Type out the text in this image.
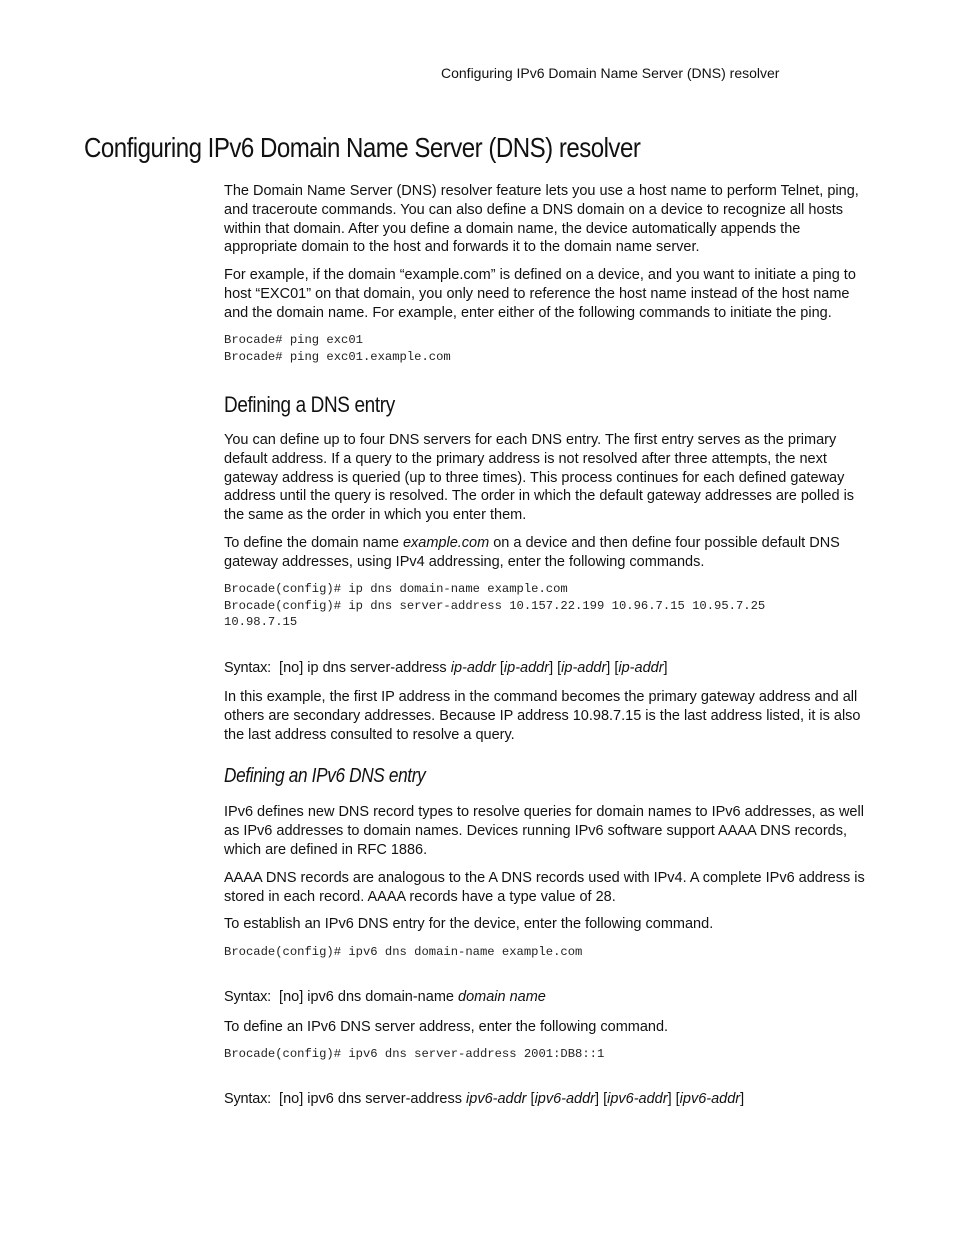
Configuring IPv6 Domain Name Server (DNS) resolver
Configuring IPv6 Domain Name Server (DNS) resolver

The Domain Name Server (DNS) resolver feature lets you use a host name to perform Telnet, ping,
and traceroute commands. You can also define a DNS domain on a device to recognize all hosts
within that domain. After you define a domain name, the device automatically appends the
appropriate domain to the host and forwards it to the domain name server.

For example, if the domain “example.com” is defined on a device, and you want to initiate a ping to
host “EXC01” on that domain, you only need to reference the host name instead of the host name
and the domain name. For example, enter either of the following commands to initiate the ping.

Brocade# ping exc01
Brocade# ping exc01.example.com
Defining a DNS entry

You can define up to four DNS servers for each DNS entry. The first entry serves as the primary
default address. If a query to the primary address is not resolved after three attempts, the next
gateway address is queried (up to three times). This process continues for each defined gateway
address until the query is resolved. The order in which the default gateway addresses are polled is
the same as the order in which you enter them.

To define the domain name example.com on a device and then define four possible default DNS
gateway addresses, using IPv4 addressing, enter the following commands.

Brocade(config)# ip dns domain-name example.com
Brocade(config)# ip dns server-address 10.157.22.199 10.96.7.15 10.95.7.25
10.98.7.15

Syntax:  [no] ip dns server-address ip-addr [ip-addr] [ip-addr] [ip-addr]

In this example, the first IP address in the command becomes the primary gateway address and all
others are secondary addresses. Because IP address 10.98.7.15 is the last address listed, it is also
the last address consulted to resolve a query.

Defining an IPv6 DNS entry

IPv6 defines new DNS record types to resolve queries for domain names to IPv6 addresses, as well
as IPv6 addresses to domain names. Devices running IPv6 software support AAAA DNS records,
which are defined in RFC 1886.

AAAA DNS records are analogous to the A DNS records used with IPv4. A complete IPv6 address is
stored in each record. AAAA records have a type value of 28.

To establish an IPv6 DNS entry for the device, enter the following command.

Brocade(config)# ipv6 dns domain-name example.com

Syntax:  [no] ipv6 dns domain-name domain name

To define an IPv6 DNS server address, enter the following command.

Brocade(config)# ipv6 dns server-address 2001:DB8::1

Syntax:  [no] ipv6 dns server-address ipv6-addr [ipv6-addr] [ipv6-addr] [ipv6-addr]
